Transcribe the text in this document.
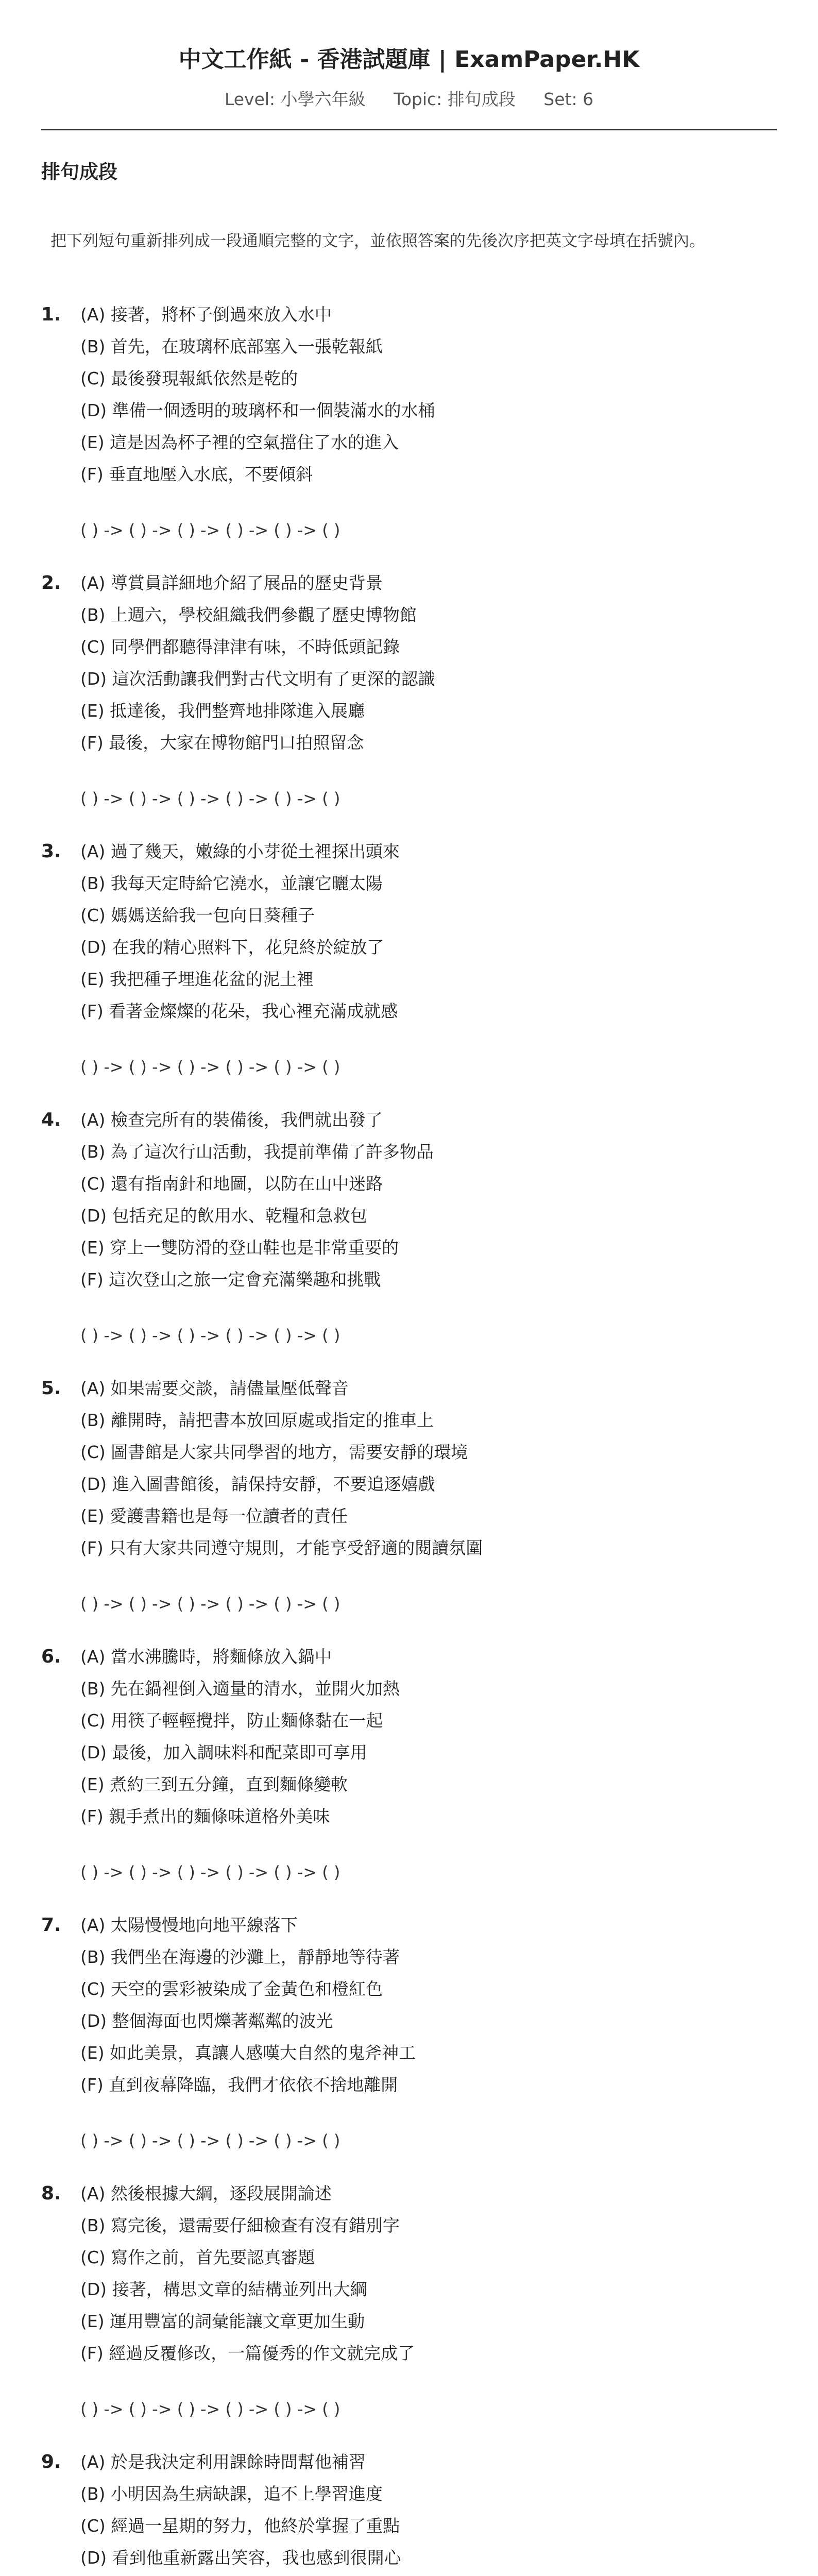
中文工作紙 - 香港試題庫 | ExamPaper.HK
Level: 小學六年級 Topic: 排句成段 Set: 6
排句成段
把下列短句重新排列成一段通順完整的文字，並依照答案的先後次序把英文字母填在括號內。
1. (A) 接著，將杯子倒過來放入水中
(B) 首先，在玻璃杯底部塞入一張乾報紙
(C) 最後發現報紙依然是乾的
(D) 準備一個透明的玻璃杯和一個裝滿水的水桶
(E) 這是因為杯子裡的空氣擋住了水的進入
(F) 垂直地壓入水底，不要傾斜
( ) -> ( ) -> ( ) -> ( ) -> ( ) -> ( )
2. (A) 導賞員詳細地介紹了展品的歷史背景
(B) 上週六，學校組織我們參觀了歷史博物館
(C) 同學們都聽得津津有味，不時低頭記錄
(D) 這次活動讓我們對古代文明有了更深的認識
(E) 抵達後，我們整齊地排隊進入展廳
(F) 最後，大家在博物館門口拍照留念
( ) -> ( ) -> ( ) -> ( ) -> ( ) -> ( )
3. (A) 過了幾天，嫩綠的小芽從土裡探出頭來
(B) 我每天定時給它澆水，並讓它曬太陽
(C) 媽媽送給我一包向日葵種子
(D) 在我的精心照料下，花兒終於綻放了
(E) 我把種子埋進花盆的泥土裡
(F) 看著金燦燦的花朵，我心裡充滿成就感
( ) -> ( ) -> ( ) -> ( ) -> ( ) -> ( )
4. (A) 檢查完所有的裝備後，我們就出發了
(B) 為了這次行山活動，我提前準備了許多物品
(C) 還有指南針和地圖，以防在山中迷路
(D) 包括充足的飲用水、乾糧和急救包
(E) 穿上一雙防滑的登山鞋也是非常重要的
(F) 這次登山之旅一定會充滿樂趣和挑戰
( ) -> ( ) -> ( ) -> ( ) -> ( ) -> ( )
5. (A) 如果需要交談，請儘量壓低聲音
(B) 離開時，請把書本放回原處或指定的推車上
(C) 圖書館是大家共同學習的地方，需要安靜的環境
(D) 進入圖書館後，請保持安靜，不要追逐嬉戲
(E) 愛護書籍也是每一位讀者的責任
(F) 只有大家共同遵守規則，才能享受舒適的閱讀氛圍
( ) -> ( ) -> ( ) -> ( ) -> ( ) -> ( )
6. (A) 當水沸騰時，將麵條放入鍋中
(B) 先在鍋裡倒入適量的清水，並開火加熱
(C) 用筷子輕輕攪拌，防止麵條黏在一起
(D) 最後，加入調味料和配菜即可享用
(E) 煮約三到五分鐘，直到麵條變軟
(F) 親手煮出的麵條味道格外美味
( ) -> ( ) -> ( ) -> ( ) -> ( ) -> ( )
7. (A) 太陽慢慢地向地平線落下
(B) 我們坐在海邊的沙灘上，靜靜地等待著
(C) 天空的雲彩被染成了金黃色和橙紅色
(D) 整個海面也閃爍著粼粼的波光
(E) 如此美景，真讓人感嘆大自然的鬼斧神工
(F) 直到夜幕降臨，我們才依依不捨地離開
( ) -> ( ) -> ( ) -> ( ) -> ( ) -> ( )
8. (A) 然後根據大綱，逐段展開論述
(B) 寫完後，還需要仔細檢查有沒有錯別字
(C) 寫作之前，首先要認真審題
(D) 接著，構思文章的結構並列出大綱
(E) 運用豐富的詞彙能讓文章更加生動
(F) 經過反覆修改，一篇優秀的作文就完成了
( ) -> ( ) -> ( ) -> ( ) -> ( ) -> ( )
9. (A) 於是我決定利用課餘時間幫他補習
(B) 小明因為生病缺課，追不上學習進度
(C) 經過一星期的努力，他終於掌握了重點
(D) 看到他重新露出笑容，我也感到很開心
